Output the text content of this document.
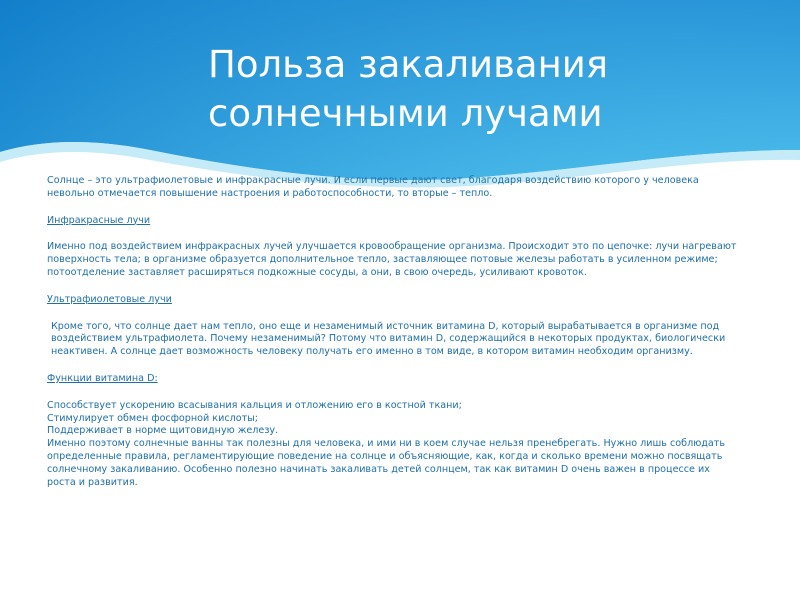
Польза закаливания
солнечными лучами

Солнце – это ультрафиолетовые и инфракрасные лучи. И если первые дают свет, благодаря воздействию которого у человека невольно отмечается повышение настроения и работоспособности, то вторые – тепло.

Инфракрасные лучи

Именно под воздействием инфракрасных лучей улучшается кровообращение организма. Происходит это по цепочке: лучи нагревают поверхность тела; в организме образуется дополнительное тепло, заставляющее потовые железы работать в усиленном режиме; потоотделение заставляет расширяться подкожные сосуды, а они, в свою очередь, усиливают кровоток.

Ультрафиолетовые лучи

Кроме того, что солнце дает нам тепло, оно еще и незаменимый источник витамина D, который вырабатывается в организме под воздействием ультрафиолета. Почему незаменимый? Потому что витамин D, содержащийся в некоторых продуктах, биологически неактивен. А солнце дает возможность человеку получать его именно в том виде, в котором витамин необходим организму.

Функции витамина D:

Способствует ускорению всасывания кальция и отложению его в костной ткани;

Стимулирует обмен фосфорной кислоты;

Поддерживает в норме щитовидную железу.

Именно поэтому солнечные ванны так полезны для человека, и ими ни в коем случае нельзя пренебрегать. Нужно лишь соблюдать определенные правила, регламентирующие поведение на солнце и объясняющие, как, когда и сколько времени можно посвящать солнечному закаливанию. Особенно полезно начинать закаливать детей солнцем, так как витамин D очень важен в процессе их роста и развития.
